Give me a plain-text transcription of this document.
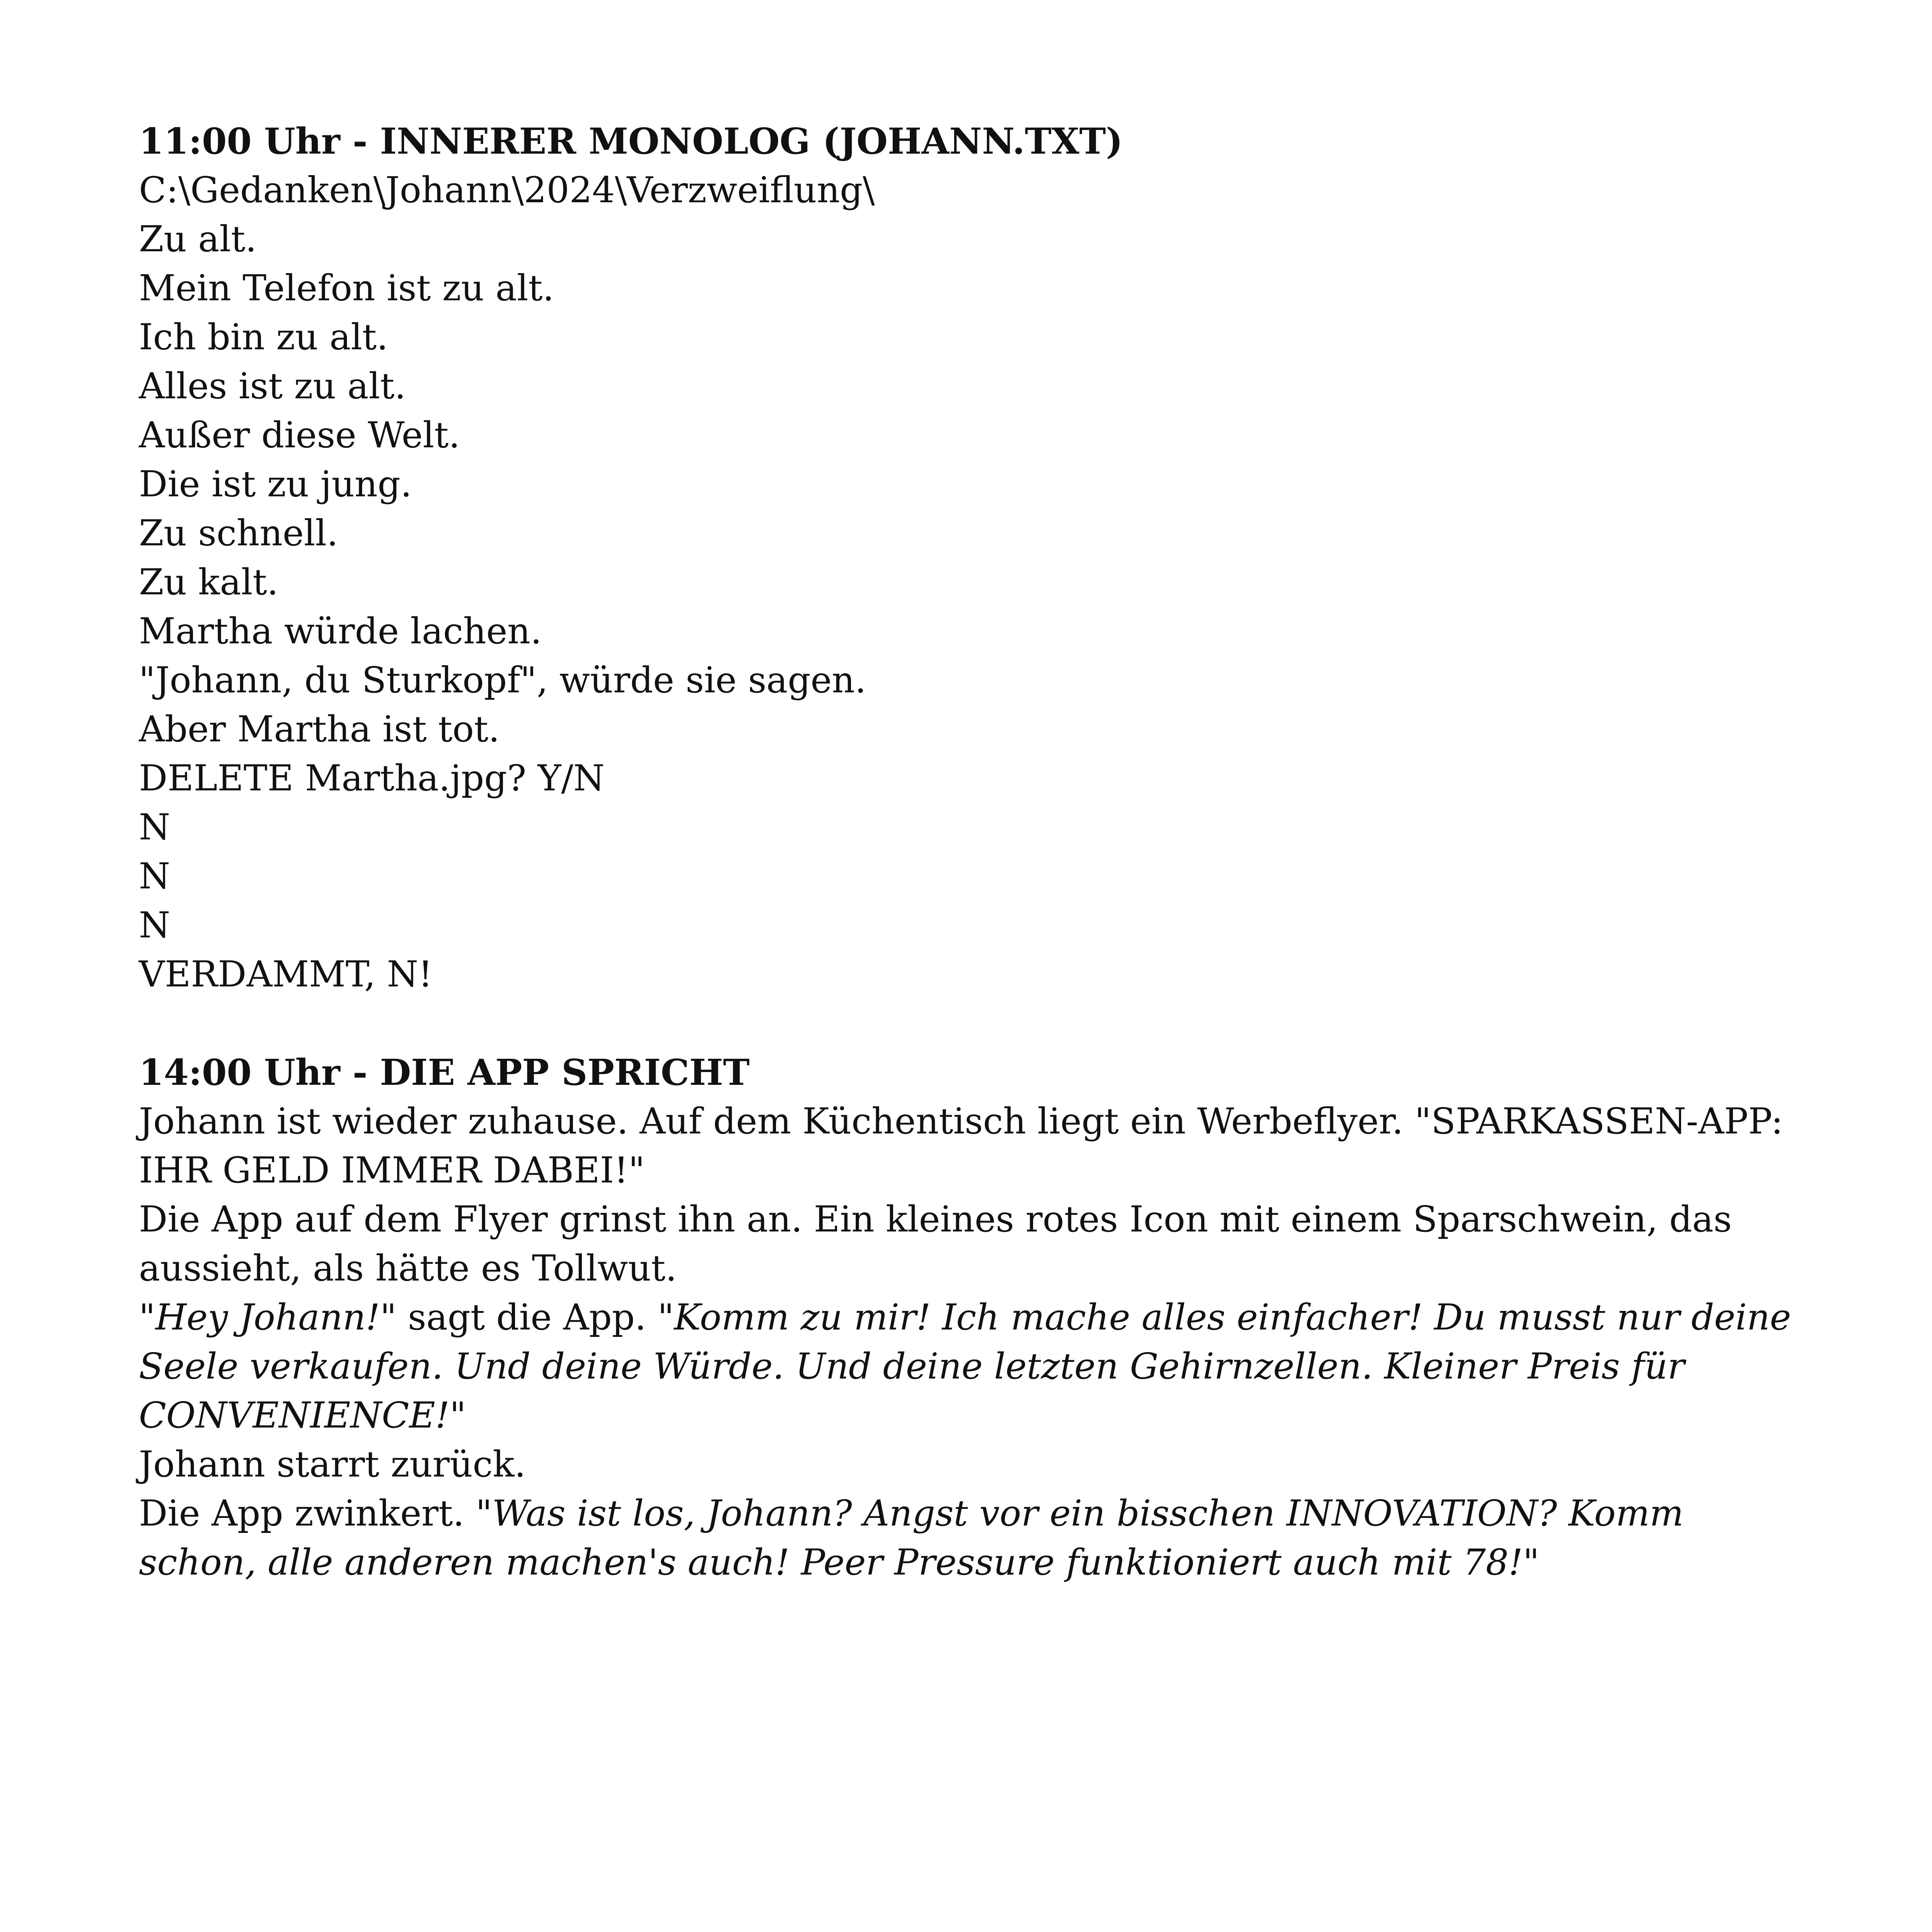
11:00 Uhr - INNERER MONOLOG (JOHANN.TXT)
C:\Gedanken\Johann\2024\Verzweiflung\
Zu alt.
Mein Telefon ist zu alt.
Ich bin zu alt.
Alles ist zu alt.
Außer diese Welt.
Die ist zu jung.
Zu schnell.
Zu kalt.
Martha würde lachen.
"Johann, du Sturkopf", würde sie sagen.
Aber Martha ist tot.
DELETE Martha.jpg? Y/N
N
N
N
VERDAMMT, N!
14:00 Uhr - DIE APP SPRICHT
Johann ist wieder zuhause. Auf dem Küchentisch liegt ein Werbeflyer. "SPARKASSEN-APP: IHR GELD IMMER DABEI!"
Die App auf dem Flyer grinst ihn an. Ein kleines rotes Icon mit einem Sparschwein, das aussieht, als hätte es Tollwut.
"Hey Johann!" sagt die App. "Komm zu mir! Ich mache alles einfacher! Du musst nur deine Seele verkaufen. Und deine Würde. Und deine letzten Gehirnzellen. Kleiner Preis für CONVENIENCE!"
Johann starrt zurück.
Die App zwinkert. "Was ist los, Johann? Angst vor ein bisschen INNOVATION? Komm schon, alle anderen machen's auch! Peer Pressure funktioniert auch mit 78!"
